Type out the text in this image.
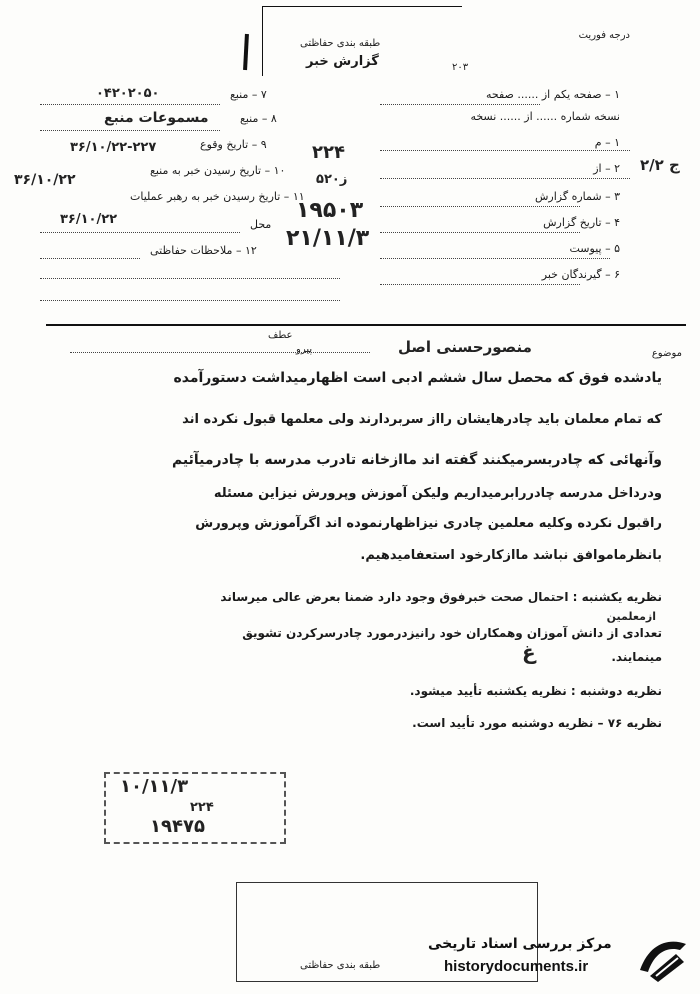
درجه فوریت
طبقه بندی حفاظتی
گزارش خبر	۲۰۳
۱ – صفحه یکم از ...... صفحه
نسخه شماره ...... از ...... نسخه
۱ – م
۲ – از ج ۲/۲
۳ – شماره گزارش
۴ – تاریخ گزارش
۵ – پیوست
۶ – گیرندگان خبر
۷ – منبع
۰۴۲۰۲۰۵۰
۸ – منبع
مسموعات منبع
۹ – تاریخ وقوع
۳۶/۱۰/۲۲-۲۲۷
۱۰ – تاریخ رسیدن خبر به منبع
۳۶/۱۰/۲۲
۱۱ – تاریخ رسیدن خبر به رهبر عملیات
۳۶/۱۰/۲۲	محل
۱۲ – ملاحظات حفاظتی
۲۲۴
۵ز۲۰
۱۹۵۰۳
۲۱/۱۱/۳
موضوع
منصورحسنی اصل
عطف
پیرو
یادشده فوق که محصل سال ششم ادبی است اظهارمیداشت دستورآمده
که تمام معلمان باید چادرهایشان رااز سربردارند ولی معلمها قبول نکرده اند
وآنهائی که چادربسرمیکنند گفته اند ماازخانه تادرب مدرسه با چادرمیآئیم
ودرداخل مدرسه چادررابرمیداریم ولیکن آموزش وپرورش نیزاین مسئله
راقبول نکرده وکلیه معلمین چادری نیزاظهارنموده اند اگرآموزش وپرورش
بانظرماموافق نباشد ماازکارخود استعفامیدهیم.
نظریه یکشنبه : احتمال صحت خبرفوق وجود دارد ضمنا بعرض عالی میرساند
ازمعلمین
تعدادی از دانش آموزان وهمکاران خود رانیزدرمورد چادرسرکردن تشویق
مینمایند.
غ
نظریه دوشنبه : نظریه یکشنبه تأیید میشود.
نظریه ۷۶ – نظریه دوشنبه مورد تأیید است.
۱۰/۱۱/۳
۲۲۴
۱۹۴۷۵
طبقه بندی حفاظتی
مرکز بررسی اسناد تاریخی
historydocuments.ir
